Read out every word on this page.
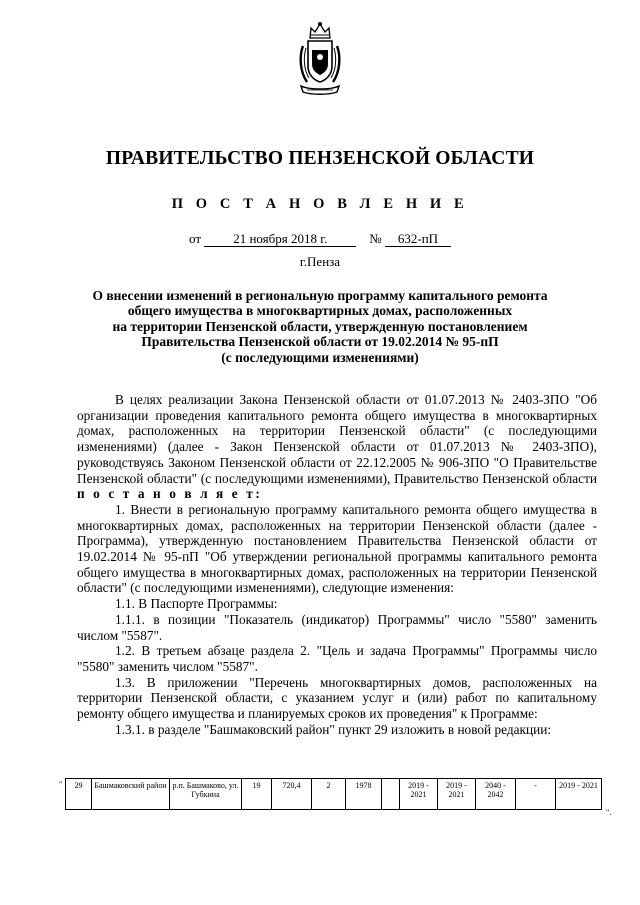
ПРАВИТЕЛЬСТВО ПЕНЗЕНСКОЙ ОБЛАСТИ
П О С Т А Н О В Л Е Н И Е
от 21 ноября 2018 г.	№ 632-пП
г.Пенза
О внесении изменений в региональную программу капитального ремонта
общего имущества в многоквартирных домах, расположенных
на территории Пензенской области, утвержденную постановлением
Правительства Пензенской области от 19.02.2014 № 95-пП
(с последующими изменениями)

В целях реализации Закона Пензенской области от 01.07.2013 № 2403-ЗПО "Об организации проведения капитального ремонта общего имущества в многоквартирных домах, расположенных на территории Пензенской области" (с последующими изменениями) (далее - Закон Пензенской области от 01.07.2013 № 2403-ЗПО), руководствуясь Законом Пензенской области от 22.12.2005 № 906-ЗПО "О Правительстве Пензенской области" (с последующими изменениями), Правительство Пензенской области п о с т а н о в л я е т:

1. Внести в региональную программу капитального ремонта общего имущества в многоквартирных домах, расположенных на территории Пензенской области (далее - Программа), утвержденную постановлением Правительства Пензенской области от 19.02.2014 № 95-пП "Об утверждении региональной программы капитального ремонта общего имущества в многоквартирных домах, расположенных на территории Пензенской области" (с последующими изменениями), следующие изменения:

1.1. В Паспорте Программы:

1.1.1. в позиции "Показатель (индикатор) Программы" число "5580" заменить числом "5587".

1.2. В третьем абзаце раздела 2. "Цель и задача Программы" Программы число "5580" заменить числом "5587".

1.3. В приложении "Перечень многоквартирных домов, расположенных на территории Пензенской области, с указанием услуг и (или) работ по капитальному ремонту общего имущества и планируемых сроков их проведения" к Программе:

1.3.1. в разделе "Башмаковский район" пункт 29 изложить в новой редакции:

" 29	Башмаковский район	р.п. Башмаково, ул. Губкина	19	720,4	2	1978		2019 - 2021	2019 - 2021	2040 - 2042	-	2019 - 2021
".
